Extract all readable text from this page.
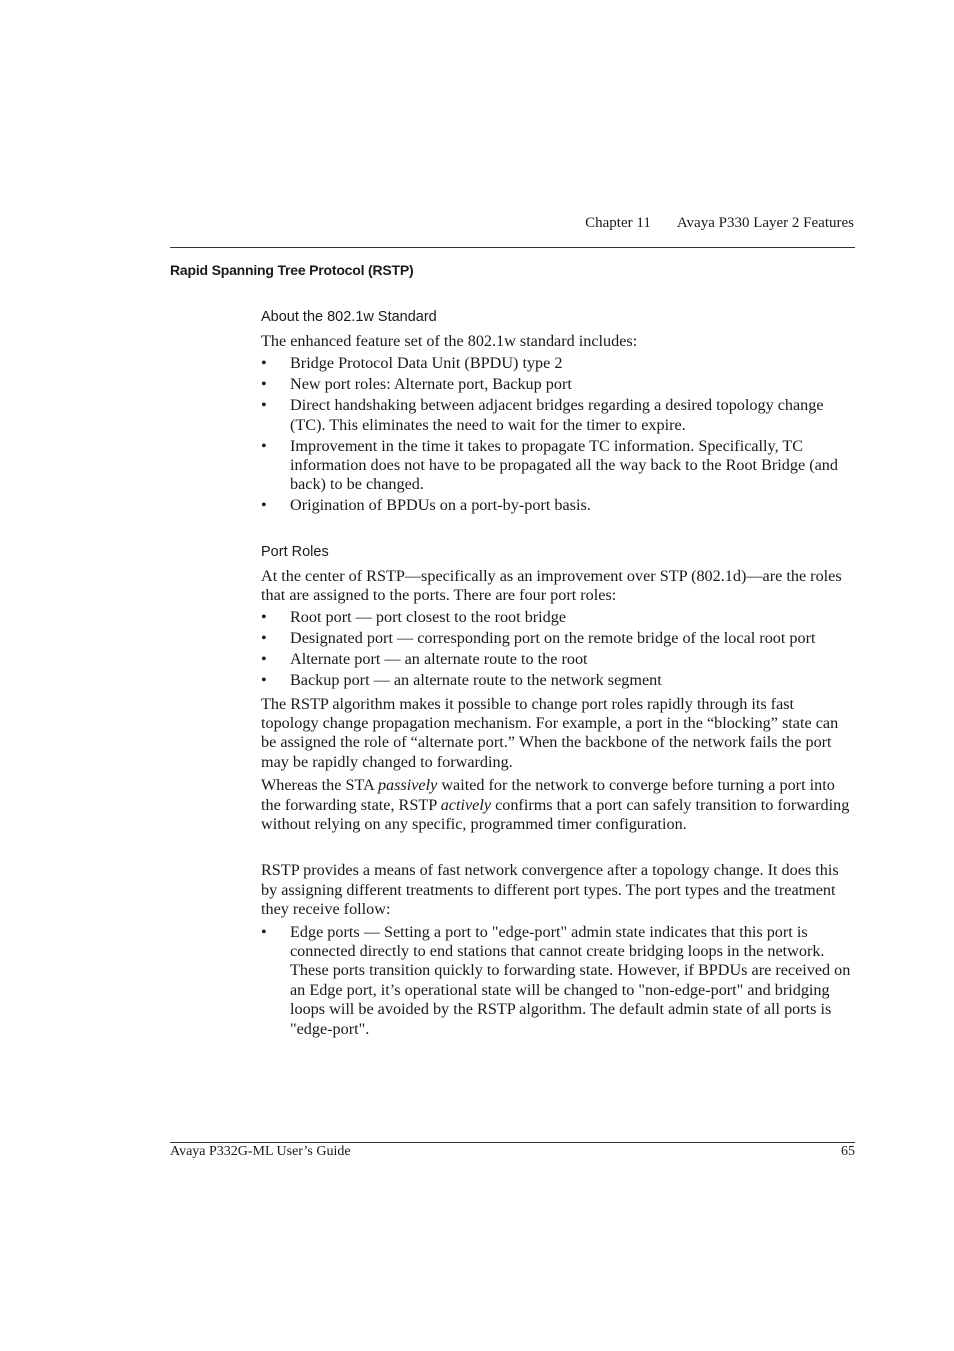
Chapter 11 Avaya P330 Layer 2 Features
Rapid Spanning Tree Protocol (RSTP)
About the 802.1w Standard

The enhanced feature set of the 802.1w standard includes:

• Bridge Protocol Data Unit (BPDU) type 2
• New port roles: Alternate port, Backup port
• Direct handshaking between adjacent bridges regarding a desired topology change (TC). This eliminates the need to wait for the timer to expire.
• Improvement in the time it takes to propagate TC information. Specifically, TC information does not have to be propagated all the way back to the Root Bridge (and back) to be changed.
• Origination of BPDUs on a port-by-port basis.
Port Roles

At the center of RSTP—specifically as an improvement over STP (802.1d)—are the roles that are assigned to the ports. There are four port roles:

• Root port — port closest to the root bridge
• Designated port — corresponding port on the remote bridge of the local root port
• Alternate port — an alternate route to the root
• Backup port — an alternate route to the network segment

The RSTP algorithm makes it possible to change port roles rapidly through its fast topology change propagation mechanism. For example, a port in the “blocking” state can be assigned the role of “alternate port.” When the backbone of the network fails the port may be rapidly changed to forwarding.

Whereas the STA passively waited for the network to converge before turning a port into the forwarding state, RSTP actively confirms that a port can safely transition to forwarding without relying on any specific, programmed timer configuration.

RSTP provides a means of fast network convergence after a topology change. It does this by assigning different treatments to different port types. The port types and the treatment they receive follow:

• Edge ports — Setting a port to "edge-port" admin state indicates that this port is connected directly to end stations that cannot create bridging loops in the network. These ports transition quickly to forwarding state. However, if BPDUs are received on an Edge port, it’s operational state will be changed to "non-edge-port" and bridging loops will be avoided by the RSTP algorithm. The default admin state of all ports is "edge-port".
Avaya P332G-ML User’s Guide	65
